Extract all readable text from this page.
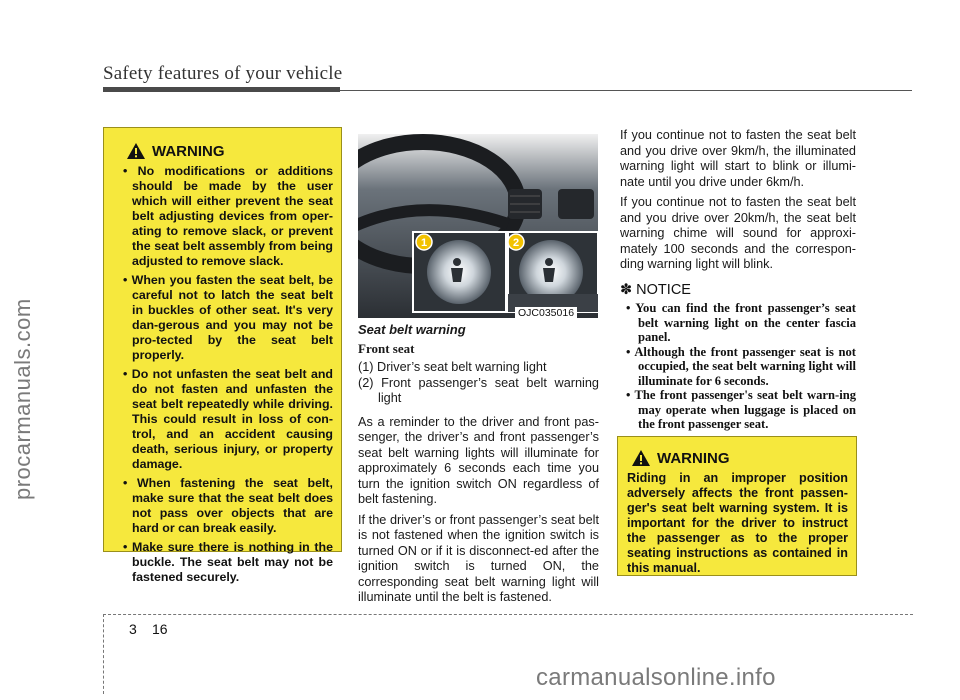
Safety features of your vehicle
procarmanuals.com
carmanualsonline.info
WARNING
• No modifications or additions should be made by the user which will either prevent the seat belt adjusting devices from oper-ating to remove slack, or prevent the seat belt assembly from being adjusted to remove slack.
• When you fasten the seat belt, be careful not to latch the seat belt in buckles of other seat. It's very dan-gerous and you may not be pro-tected by the seat belt properly.
• Do not unfasten the seat belt and do not fasten and unfasten the seat belt repeatedly while driving. This could result in loss of con-trol, and an accident causing death, serious injury, or property damage.
• When fastening the seat belt, make sure that the seat belt does not pass over objects that are hard or can break easily.
• Make sure there is nothing in the buckle. The seat belt may not be fastened securely.
1	2
OJC035016
Seat belt warning
Front seat
(1) Driver’s seat belt warning light
(2) Front passenger’s seat belt warning light

As a reminder to the driver and front pas-senger, the driver’s and front passenger’s seat belt warning lights will illuminate for approximately 6 seconds each time you turn the ignition switch ON regardless of belt fastening.

If the driver’s or front passenger’s seat belt is not fastened when the ignition switch is turned ON or if it is disconnect-ed after the ignition switch is turned ON, the corresponding seat belt warning light will illuminate until the belt is fastened.

If you continue not to fasten the seat belt and you drive over 9km/h, the illuminated warning light will start to blink or illumi-nate until you drive under 6km/h.

If you continue not to fasten the seat belt and you drive over 20km/h, the seat belt warning chime will sound for approxi-mately 100 seconds and the correspon-ding warning light will blink.

✽ NOTICE
• You can find the front passenger’s seat belt warning light on the center fascia panel.
• Although the front passenger seat is not occupied, the seat belt warning light will illuminate for 6 seconds.
• The front passenger's seat belt warn-ing may operate when luggage is placed on the front passenger seat.
WARNING
Riding in an improper position adversely affects the front passen-ger's seat belt warning system. It is important for the driver to instruct the passenger as to the proper seating instructions as contained in this manual.
3 16
